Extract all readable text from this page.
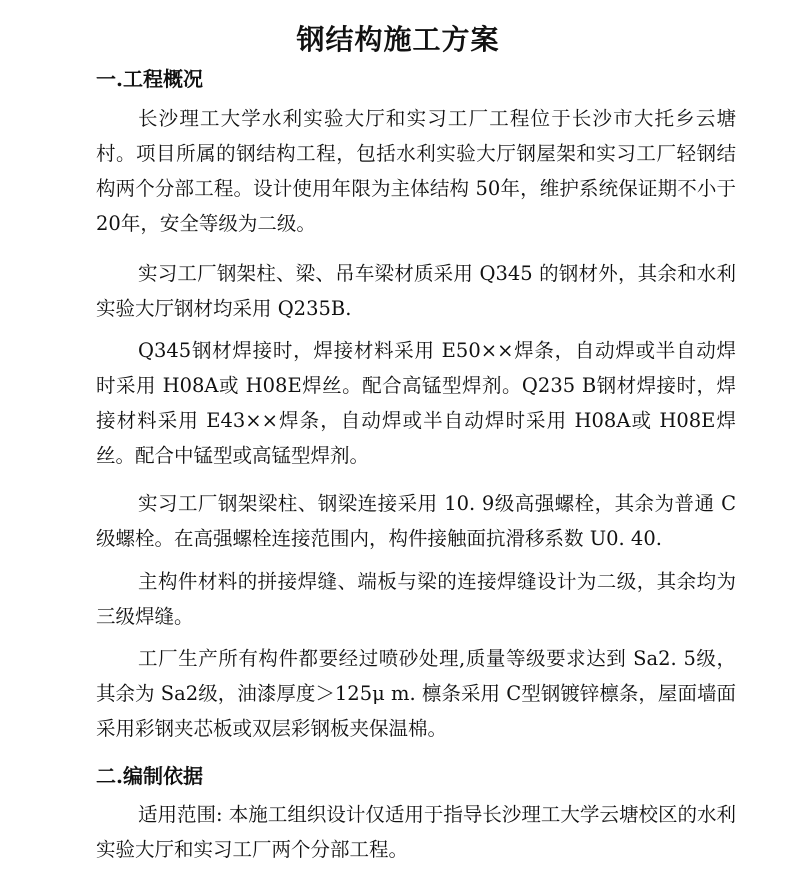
钢结构施工方案
一.工程概况

长沙理工大学水利实验大厅和实习工厂工程位于长沙市大托乡云塘村。项目所属的钢结构工程，包括水利实验大厅钢屋架和实习工厂轻钢结构两个分部工程。设计使用年限为主体结构 50年，维护系统保证期不小于 20年，安全等级为二级。

实习工厂钢架柱、梁、吊车梁材质采用 Q345 的钢材外，其余和水利实验大厅钢材均采用 Q235B.

Q345钢材焊接时，焊接材料采用 E50××焊条，自动焊或半自动焊时采用 H08A或 H08E焊丝。配合高锰型焊剂。Q235 B钢材焊接时，焊接材料采用 E43××焊条，自动焊或半自动焊时采用 H08A或 H08E焊丝。配合中锰型或高锰型焊剂。

实习工厂钢架梁柱、钢梁连接采用 10. 9级高强螺栓，其余为普通 C级螺栓。在高强螺栓连接范围内，构件接触面抗滑移系数 U0. 40.

主构件材料的拼接焊缝、端板与梁的连接焊缝设计为二级，其余均为三级焊缝。

工厂生产所有构件都要经过喷砂处理,质量等级要求达到 Sa2. 5级，其余为 Sa2级，油漆厚度＞125μ m. 檩条采用 C型钢镀锌檩条，屋面墙面采用彩钢夹芯板或双层彩钢板夹保温棉。

二.编制依据

适用范围: 本施工组织设计仅适用于指导长沙理工大学云塘校区的水利实验大厅和实习工厂两个分部工程。
